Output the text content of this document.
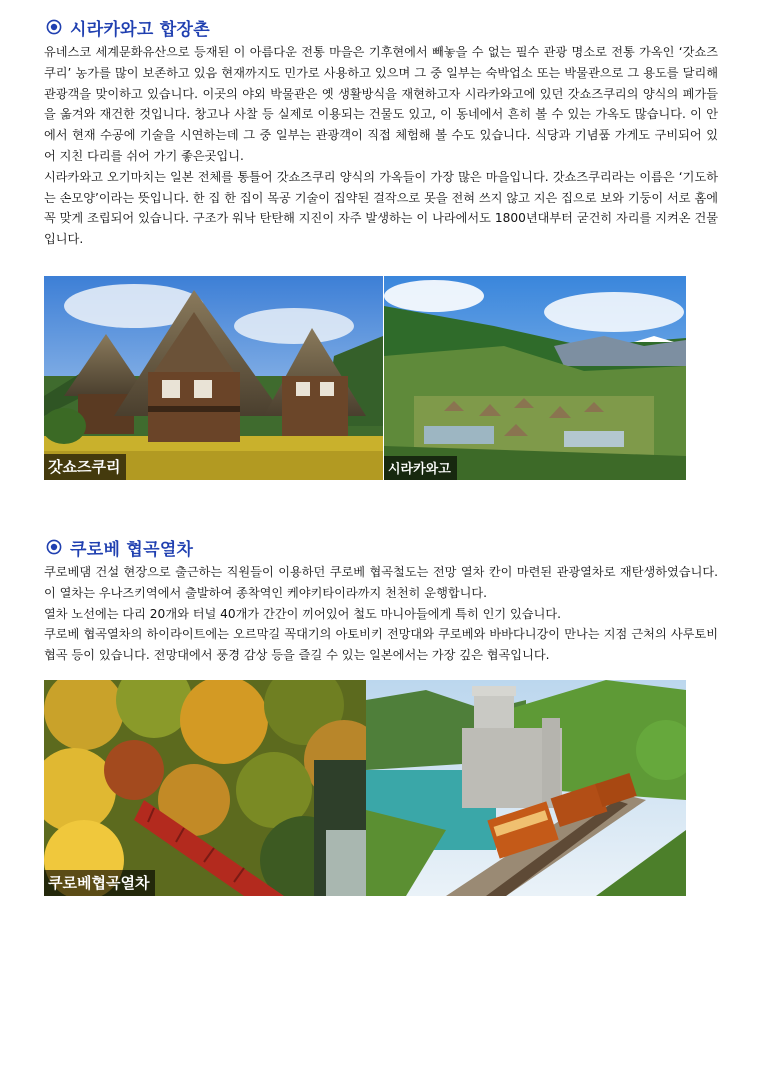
시라카와고 합장촌

유네스코 세계문화유산으로 등재된 이 아름다운 전통 마을은 기후현에서 빼놓을 수 없는 필수 관광 명소로 전통 가옥인 ‘갓쇼즈쿠리’ 농가를 많이 보존하고 있음 현재까지도 민가로 사용하고 있으며 그 중 일부는 숙박업소 또는 박물관으로 그 용도를 달리해 관광객을 맞이하고 있습니다. 이곳의 야외 박물관은 옛 생활방식을 재현하고자 시라카와고에 있던 갓쇼즈쿠리의 양식의 폐가들을 옮겨와 재건한 것입니다. 창고나 사찰 등 실제로 이용되는 건물도 있고, 이 동네에서 흔히 볼 수 있는 가옥도 많습니다. 이 안에서 현재 수공에 기술을 시연하는데 그 중 일부는 관광객이 직접 체험해 볼 수도 있습니다. 식당과 기념품 가게도 구비되어 있어 지친 다리를 쉬어 가기 좋은곳입니.

시라카와고 오기마치는 일본 전체를 통틀어 갓쇼즈쿠리 양식의 가옥들이 가장 많은 마을입니다. 갓쇼즈쿠리라는 이름은 ‘기도하는 손모양’이라는 뜻입니다. 한 집 한 집이 목공 기술이 집약된 걸작으로 못을 전혀 쓰지 않고 지은 집으로 보와 기둥이 서로 홈에 꼭 맞게 조립되어 있습니다. 구조가 워낙 탄탄해 지진이 자주 발생하는 이 나라에서도 1800년대부터 굳건히 자리를 지켜온 건물입니다.

갓쇼즈쿠리	시라카와고
쿠로베 협곡열차

쿠로베댐 건설 현장으로 출근하는 직원들이 이용하던 쿠로베 협곡철도는 전망 열차 칸이 마련된 관광열차로 재탄생하였습니다. 이 열차는 우나즈키역에서 출발하여 종착역인 케야키타이라까지 천천히 운행합니다.

열차 노선에는 다리 20개와 터널 40개가 간간이 끼어있어 철도 마니아들에게 특히 인기 있습니다.

쿠로베 협곡열차의 하이라이트에는 오르막길 꼭대기의 아토비키 전망대와 쿠로베와 바바다니강이 만나는 지점 근처의 사루토비 협곡 등이 있습니다. 전망대에서 풍경 감상 등을 즐길 수 있는 일본에서는 가장 깊은 협곡입니다.

쿠로베협곡열차
